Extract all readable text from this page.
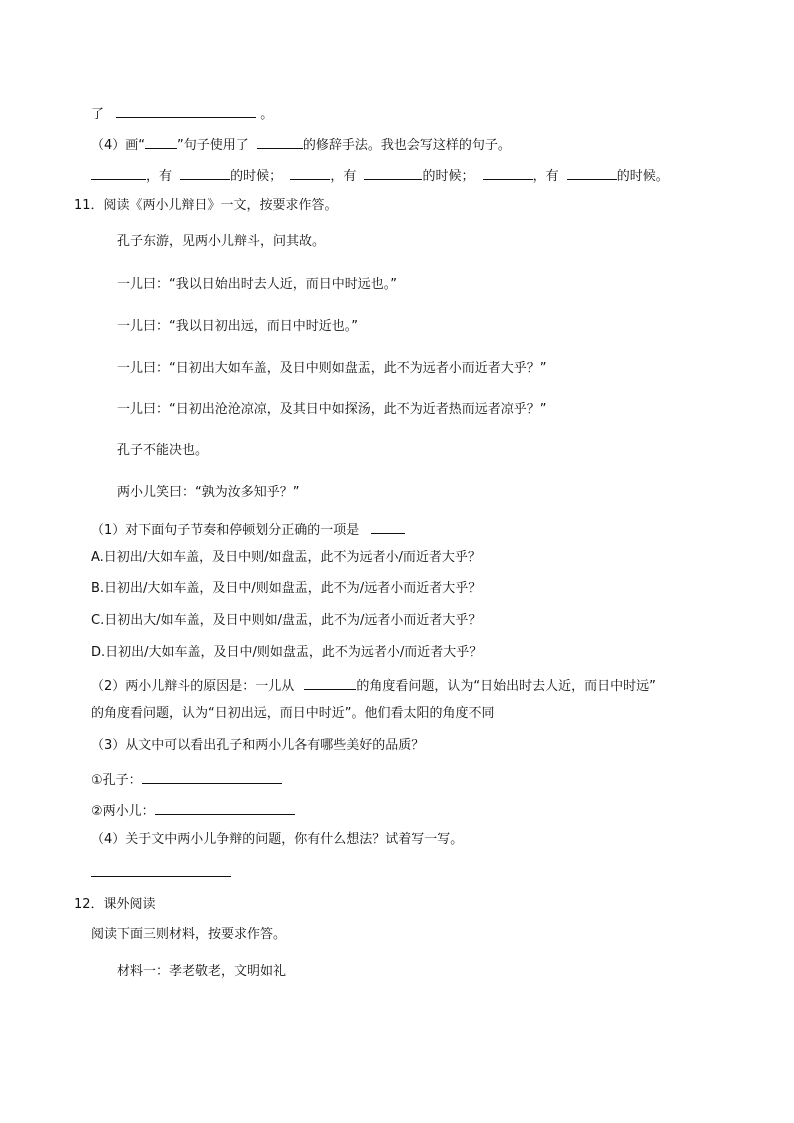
了	。
（4）画“ ”句子使用了	的修辞手法。我也会写这样的句子。
，有	的时候；	，有	的时候；	，有	的时候。
11．阅读《两小儿辩日》一文，按要求作答。
孔子东游，见两小儿辩斗，问其故。
一儿曰：“我以日始出时去人近，而日中时远也。”
一儿曰：“我以日初出远，而日中时近也。”
一儿曰：“日初出大如车盖，及日中则如盘盂，此不为远者小而近者大乎？”
一儿曰：“日初出沧沧凉凉，及其日中如探汤，此不为近者热而远者凉乎？”
孔子不能决也。
两小儿笑曰：“孰为汝多知乎？”
（1）对下面句子节奏和停顿划分正确的一项是
A.日初出/大如车盖，及日中则/如盘盂，此不为远者小/而近者大乎？
B.日初出/大如车盖，及日中/则如盘盂，此不为/远者小而近者大乎？
C.日初出大/如车盖，及日中则如/盘盂，此不为/远者小而近者大乎？
D.日初出/大如车盖，及日中/则如盘盂，此不为远者小/而近者大乎？
（2）两小儿辩斗的原因是：一儿从	的角度看问题，认为“日始出时去人近，而日中时远”
的角度看问题，认为“日初出远，而日中时近”。他们看太阳的角度不同
（3）从文中可以看出孔子和两小儿各有哪些美好的品质？
①孔子：
②两小儿：
（4）关于文中两小儿争辩的问题，你有什么想法？试着写一写。
12．课外阅读
阅读下面三则材料，按要求作答。
材料一：孝老敬老，文明如礼
